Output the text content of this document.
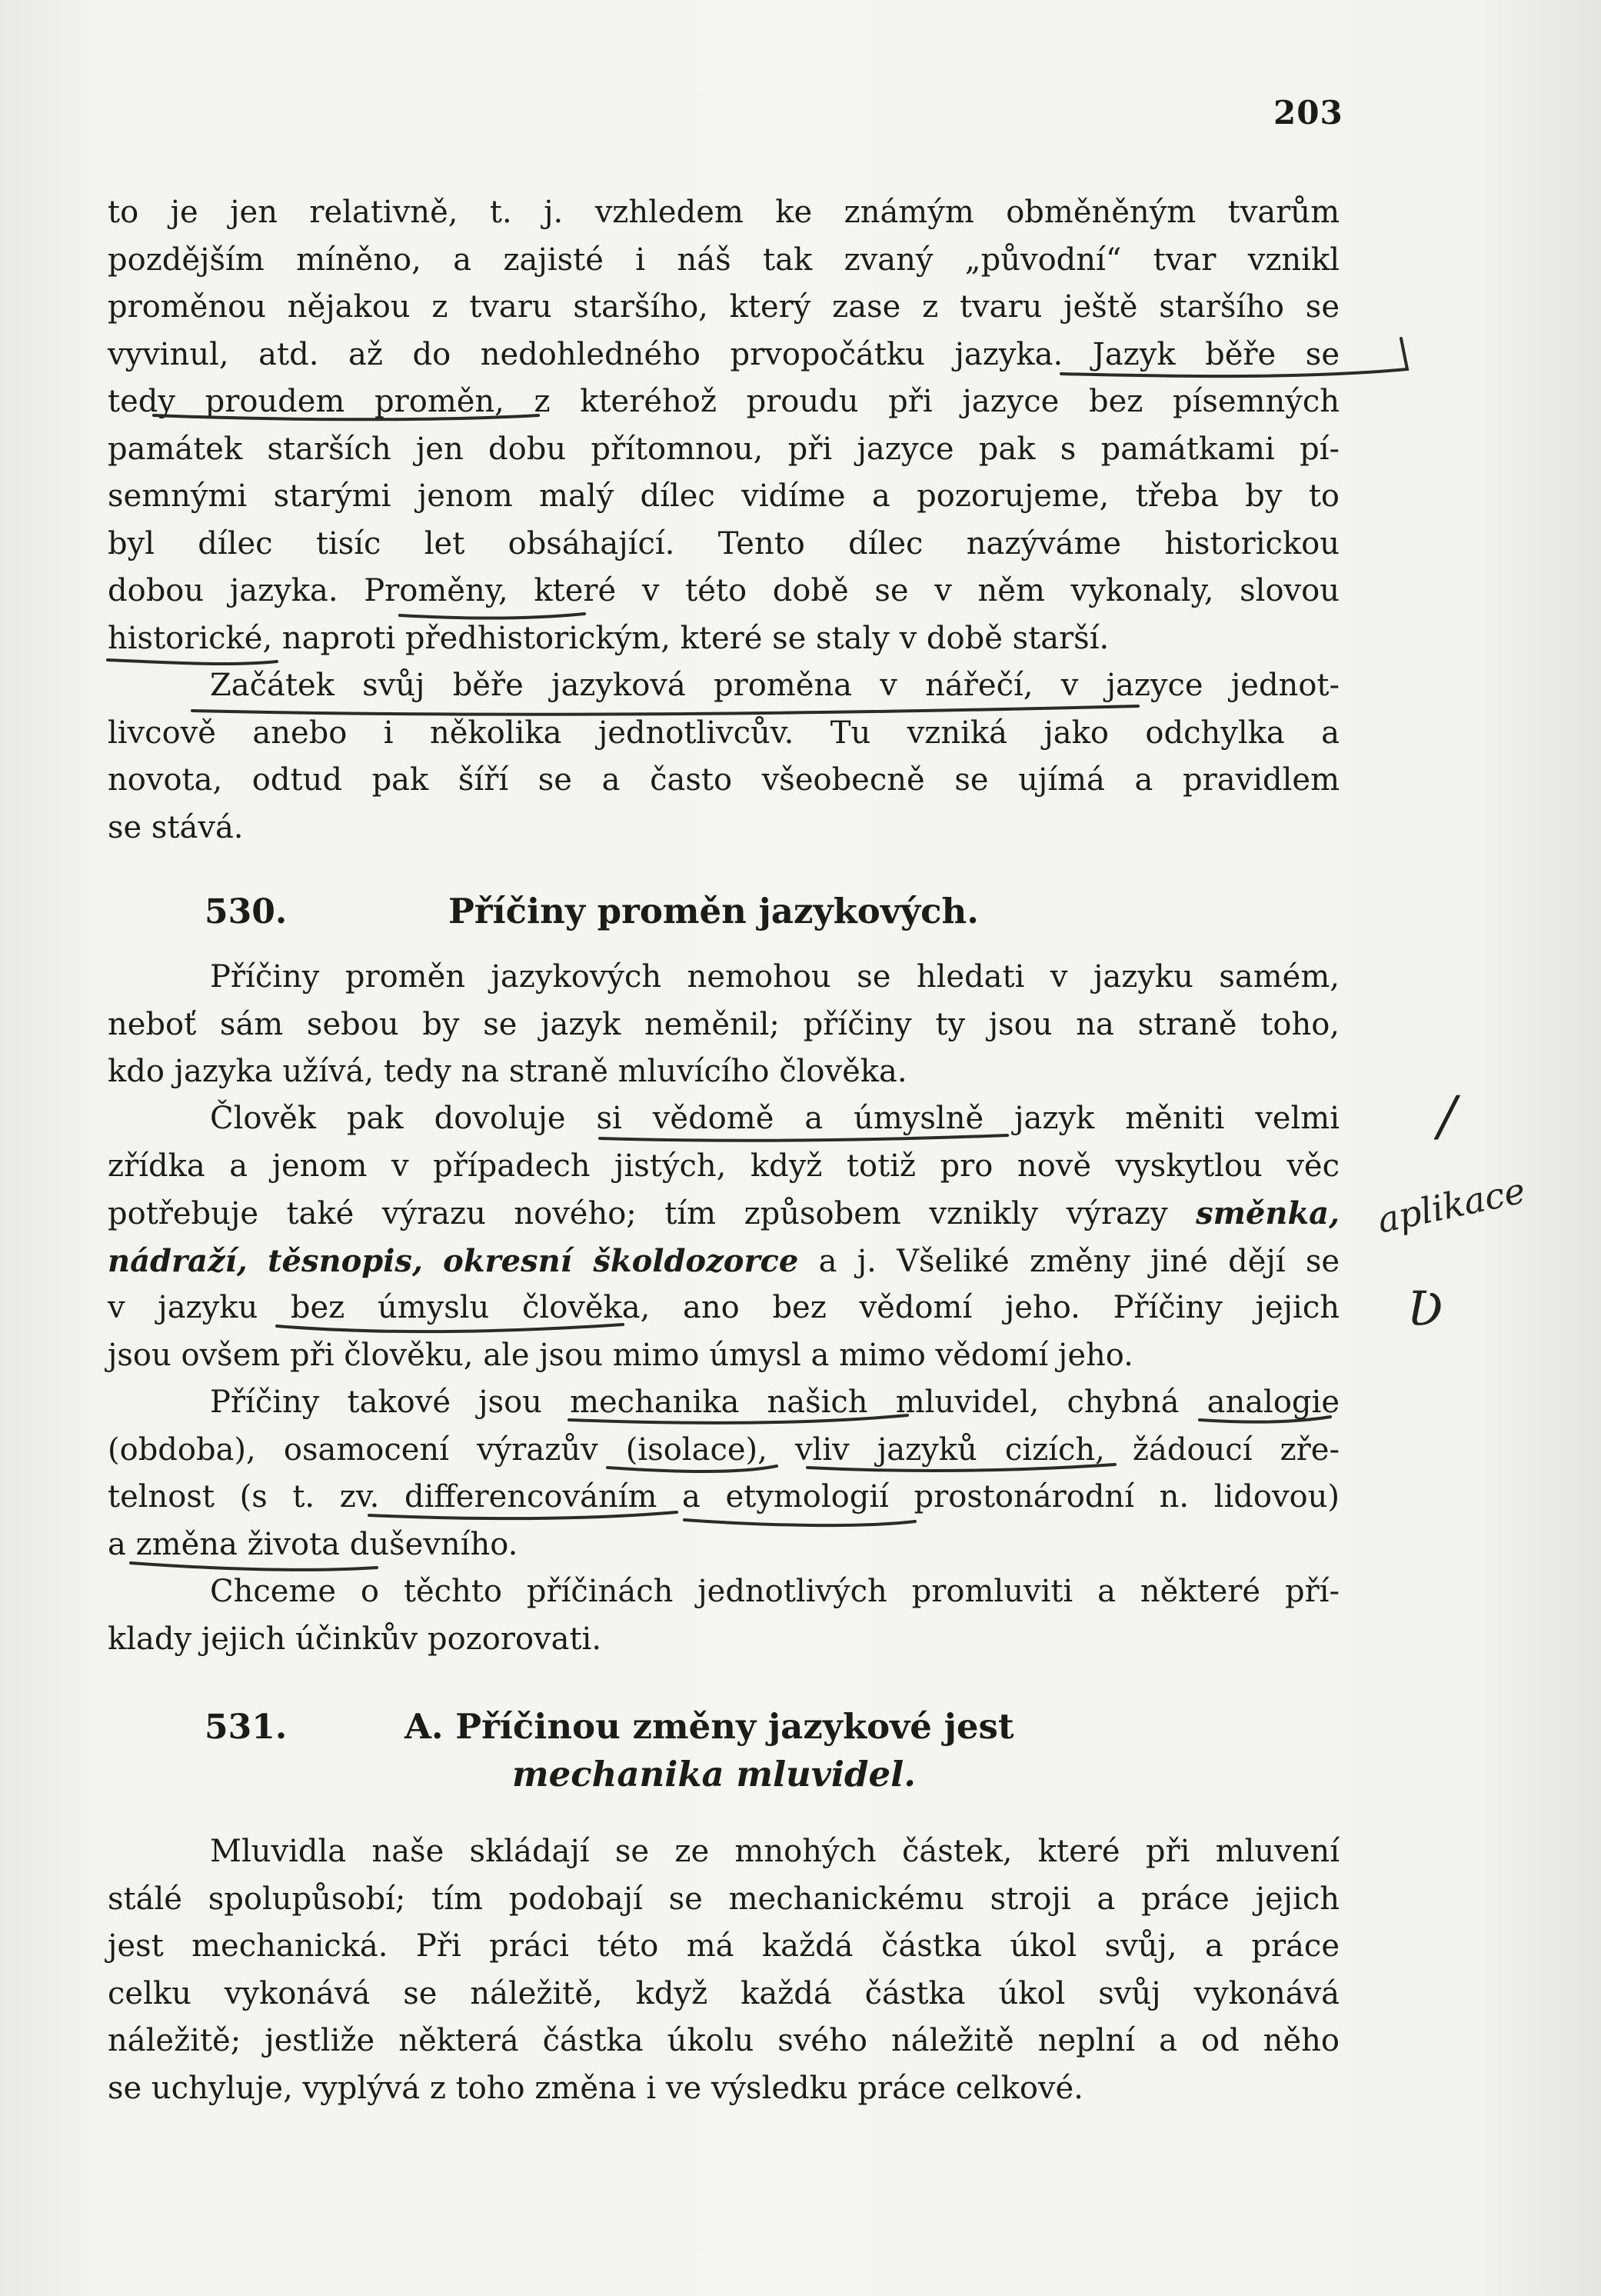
203
to je jen relativně, t. j. vzhledem ke známým obměněným tvarům
pozdějším míněno, a zajisté i náš tak zvaný „původní“ tvar vznikl
proměnou nějakou z tvaru staršího, který zase z tvaru ještě staršího se
vyvinul, atd. až do nedohledného prvopočátku jazyka. Jazyk běře se
tedy proudem proměn, z kteréhož proudu při jazyce bez písemných
památek starších jen dobu přítomnou, při jazyce pak s památkami pí-
semnými starými jenom malý dílec vidíme a pozorujeme, třeba by to
byl dílec tisíc let obsáhající. Tento dílec nazýváme historickou
dobou jazyka. Proměny, které v této době se v něm vykonaly, slovou
historické, naproti předhistorickým, které se staly v době starší.
Začátek svůj běře jazyková proměna v nářečí, v jazyce jednot-
livcově anebo i několika jednotlivcův. Tu vzniká jako odchylka a
novota, odtud pak šíří se a často všeobecně se ujímá a pravidlem
se stává.
530.	Příčiny proměn jazykových.
Příčiny proměn jazykových nemohou se hledati v jazyku samém,
neboť sám sebou by se jazyk neměnil; příčiny ty jsou na straně toho,
kdo jazyka užívá, tedy na straně mluvícího člověka.
Člověk pak dovoluje si vědomě a úmyslně jazyk měniti velmi
zřídka a jenom v případech jistých, když totiž pro nově vyskytlou věc
potřebuje také výrazu nového; tím způsobem vznikly výrazy směnka,
nádraží, těsnopis, okresní školdozorce a j. Všeliké změny jiné dějí se
v jazyku bez úmyslu člověka, ano bez vědomí jeho. Příčiny jejich
jsou ovšem při člověku, ale jsou mimo úmysl a mimo vědomí jeho.
Příčiny takové jsou mechanika našich mluvidel, chybná analogie
(obdoba), osamocení výrazův (isolace), vliv jazyků cizích, žádoucí zře-
telnost (s t. zv. differencováním a etymologií prostonárodní n. lidovou)
a změna života duševního.
Chceme o těchto příčinách jednotlivých promluviti a některé pří-
klady jejich účinkův pozorovati.
531.	A. Příčinou změny jazykové jest
mechanika mluvidel.
Mluvidla naše skládají se ze mnohých částek, které při mluvení
stálé spolupůsobí; tím podobají se mechanickému stroji a práce jejich
jest mechanická. Při práci této má každá částka úkol svůj, a práce
celku vykonává se náležitě, když každá částka úkol svůj vykonává
náležitě; jestliže některá částka úkolu svého náležitě neplní a od něho
se uchyluje, vyplývá z toho změna i ve výsledku práce celkové.
/
aplikace
Ʋ
